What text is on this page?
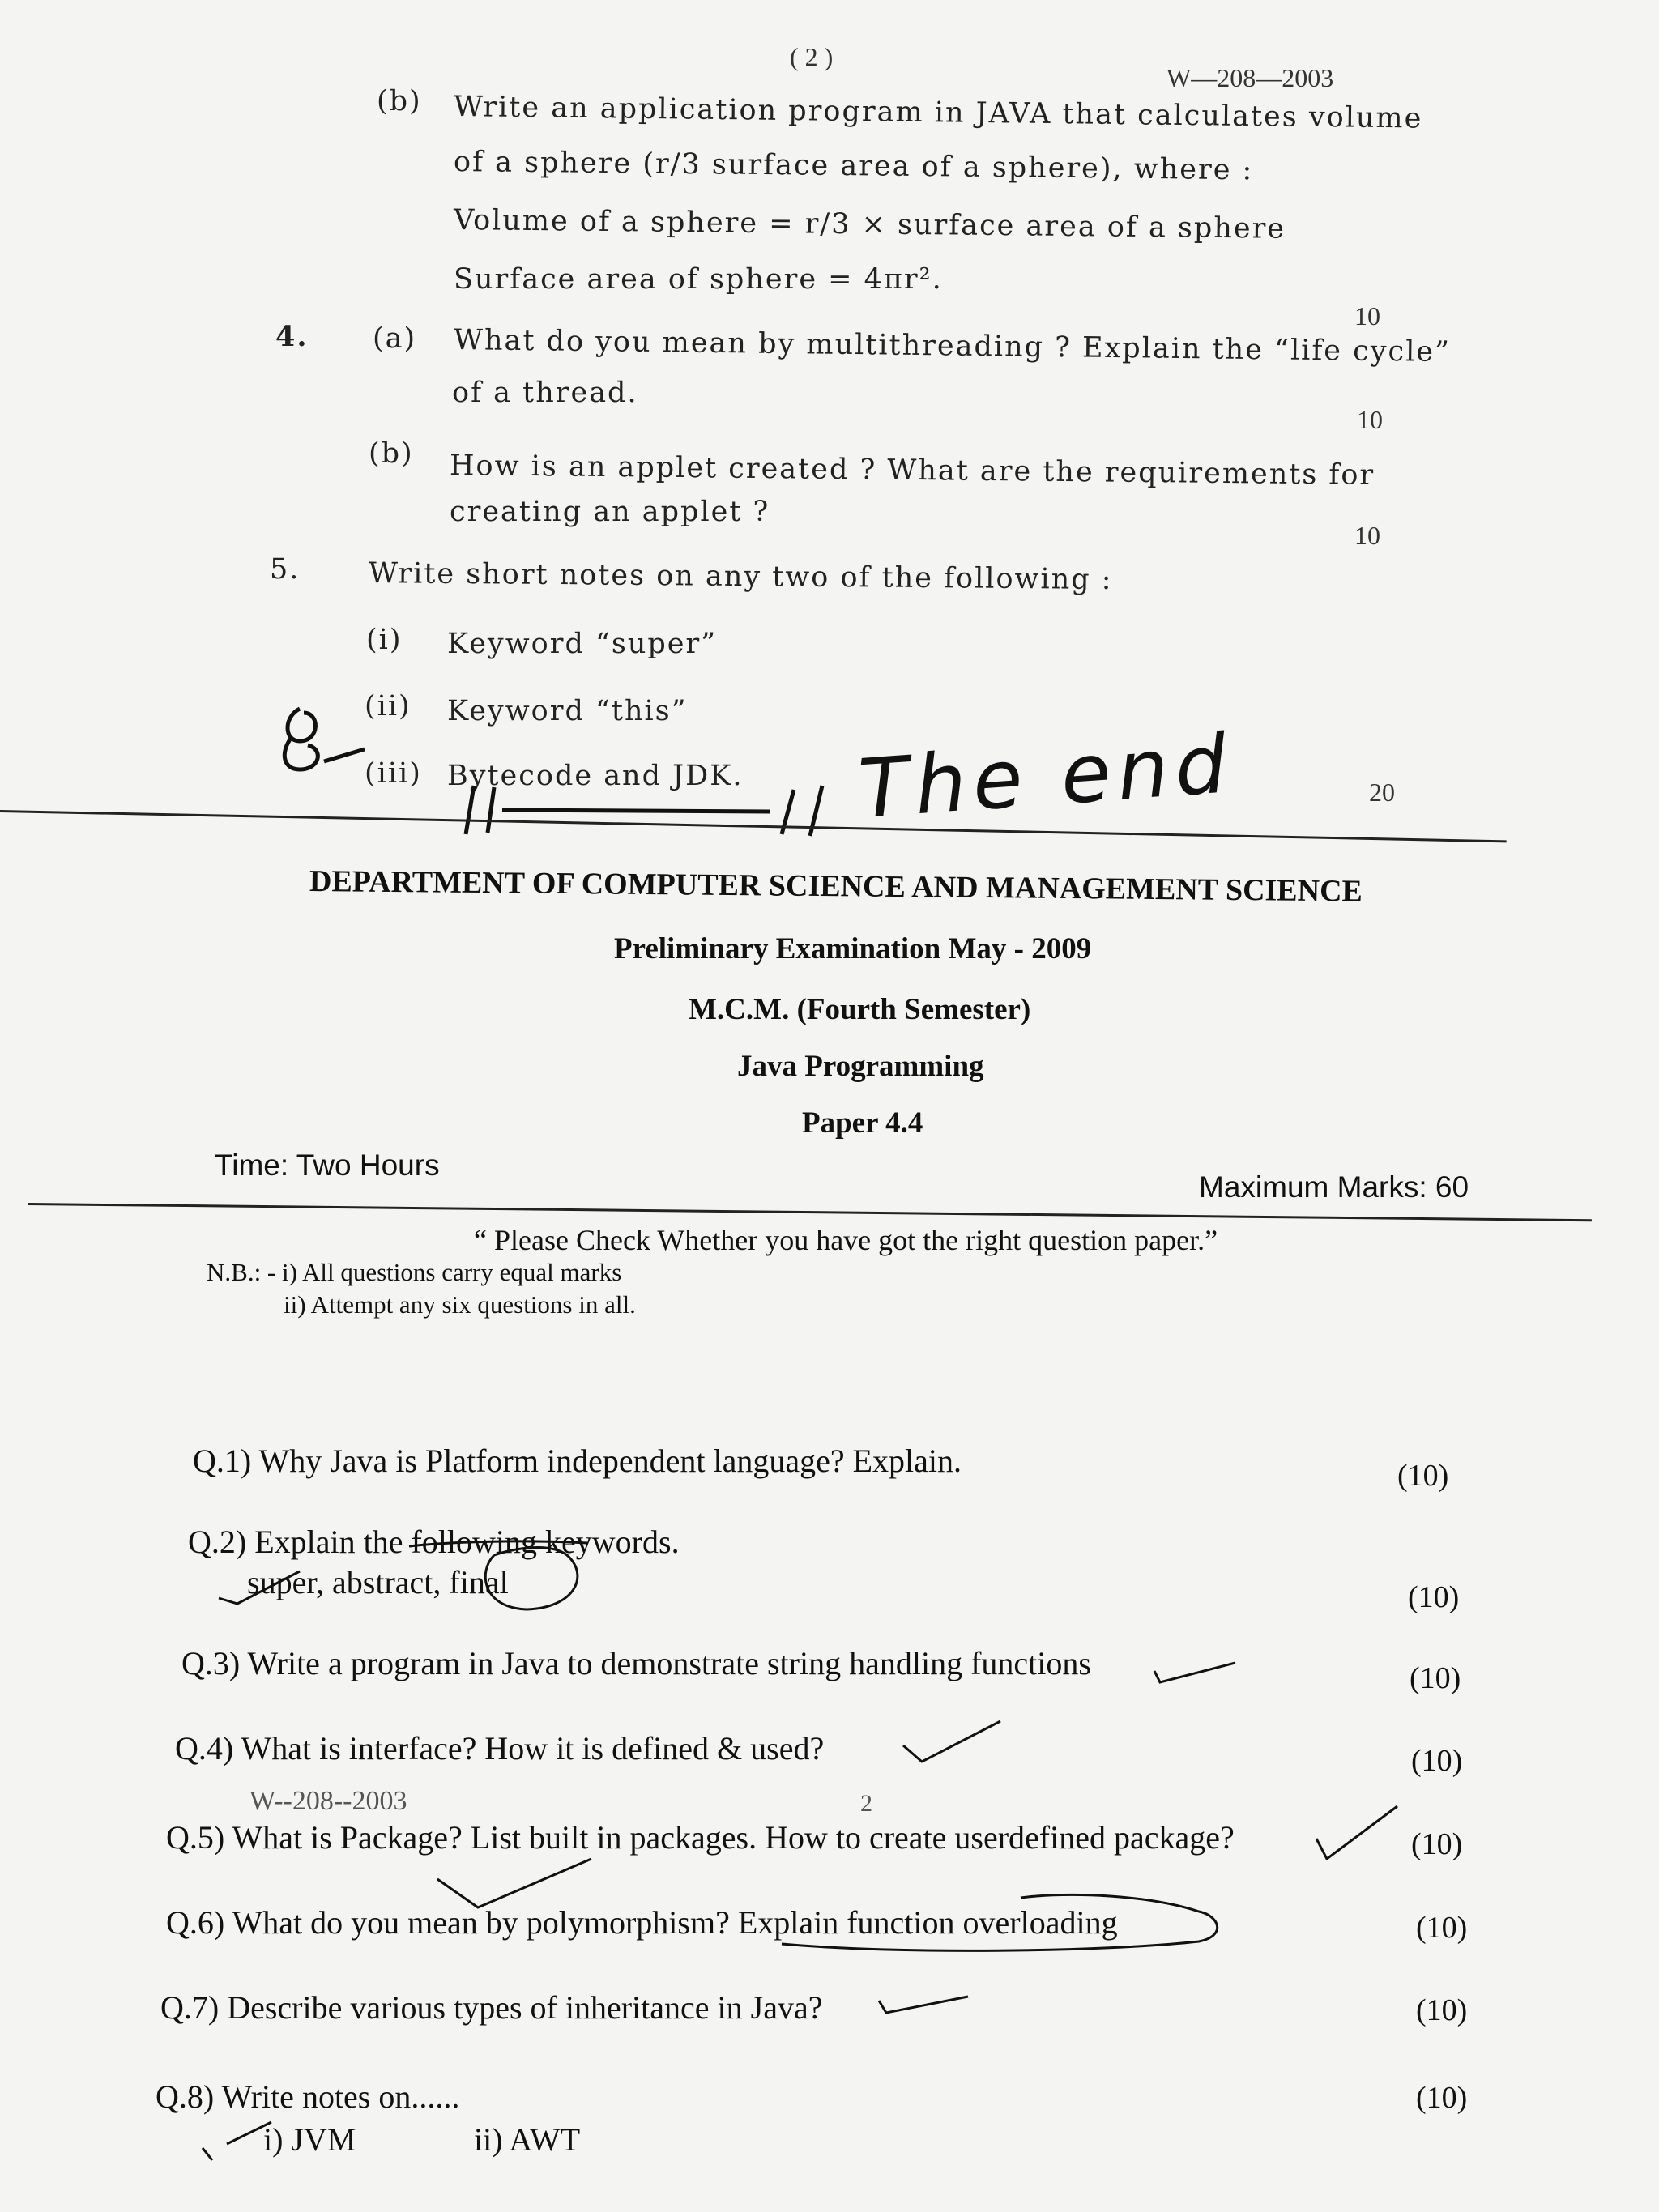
( 2 )
W—208—2003
(b) Write an application program in JAVA that calculates volume
of a sphere (r/3 surface area of a sphere), where :
Volume of a sphere = r/3 × surface area of a sphere
Surface area of sphere = 4πr².
10
4. (a) What do you mean by multithreading ? Explain the “life cycle”
of a thread.
10
(b) How is an applet created ? What are the requirements for
creating an applet ?
10
5. Write short notes on any two of the following :
(i) Keyword “super”
(ii) Keyword “this”
(iii) Bytecode and JDK.	20
The end
DEPARTMENT OF COMPUTER SCIENCE AND MANAGEMENT SCIENCE
Preliminary Examination May - 2009
M.C.M. (Fourth Semester)
Java Programming
Paper 4.4
Time: Two Hours
Maximum Marks: 60
“ Please Check Whether you have got the right question paper.”
N.B.: - i) All questions carry equal marks
ii) Attempt any six questions in all.
Q.1) Why Java is Platform independent language? Explain.	(10)
Q.2) Explain the following keywords.
super, abstract, final	(10)
Q.3) Write a program in Java to demonstrate string handling functions	(10)
Q.4) What is interface? How it is defined & used?	(10)
W--208--2003	2
Q.5) What is Package? List built in packages. How to create userdefined package?	(10)
Q.6) What do you mean by polymorphism? Explain function overloading	(10)
Q.7) Describe various types of inheritance in Java?	(10)
Q.8) Write notes on......	(10)
i) JVM	ii) AWT
